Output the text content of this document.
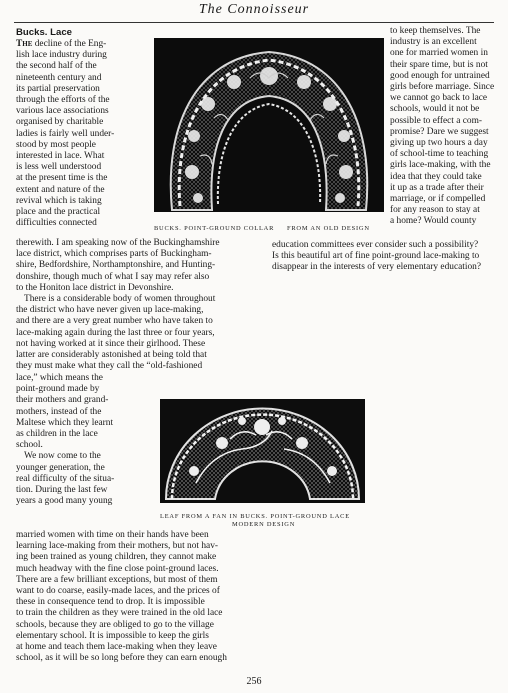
The Connoisseur
Bucks. Lace
The decline of the Eng-
lish lace industry during
the second half of the
nineteenth century and
its partial preservation
through the efforts of the
various lace associations
organised by charitable
ladies is fairly well under-
stood by most people
interested in lace. What
is less well understood
at the present time is the
extent and nature of the
revival which is taking
place and the practical
difficulties connected
to keep themselves. The
industry is an excellent
one for married women in
their spare time, but is not
good enough for untrained
girls before marriage. Since
we cannot go back to lace
schools, would it not be
possible to effect a com-
promise? Dare we suggest
giving up two hours a day
of school-time to teaching
girls lace-making, with the
idea that they could take
it up as a trade after their
marriage, or if compelled
for any reason to stay at
a home? Would county
BUCKS. POINT-GROUND COLLAR FROM AN OLD DESIGN
therewith. I am speaking now of the Buckinghamshire
lace district, which comprises parts of Buckingham-
shire, Bedfordshire, Northamptonshire, and Hunting-
donshire, though much of what I say may refer also
to the Honiton lace district in Devonshire.
There is a considerable body of women throughout
the district who have never given up lace-making,
and there are a very great number who have taken to
lace-making again during the last three or four years,
not having worked at it since their girlhood. These
latter are considerably astonished at being told that
they must make what they call the “old-fashioned
education committees ever consider such a possibility?
Is this beautiful art of fine point-ground lace-making to
disappear in the interests of very elementary education?
lace,” which means the
point-ground made by
their mothers and grand-
mothers, instead of the
Maltese which they learnt
as children in the lace
school.
We now come to the
younger generation, the
real difficulty of the situa-
tion. During the last few
years a good many young
LEAF FROM A FAN IN BUCKS. POINT-GROUND LACE
MODERN DESIGN
married women with time on their hands have been
learning lace-making from their mothers, but not hav-
ing been trained as young children, they cannot make
much headway with the fine close point-ground laces.
There are a few brilliant exceptions, but most of them
want to do coarse, easily-made laces, and the prices of
these in consequence tend to drop. It is impossible
to train the children as they were trained in the old lace
schools, because they are obliged to go to the village
elementary school. It is impossible to keep the girls
at home and teach them lace-making when they leave
school, as it will be so long before they can earn enough
256
